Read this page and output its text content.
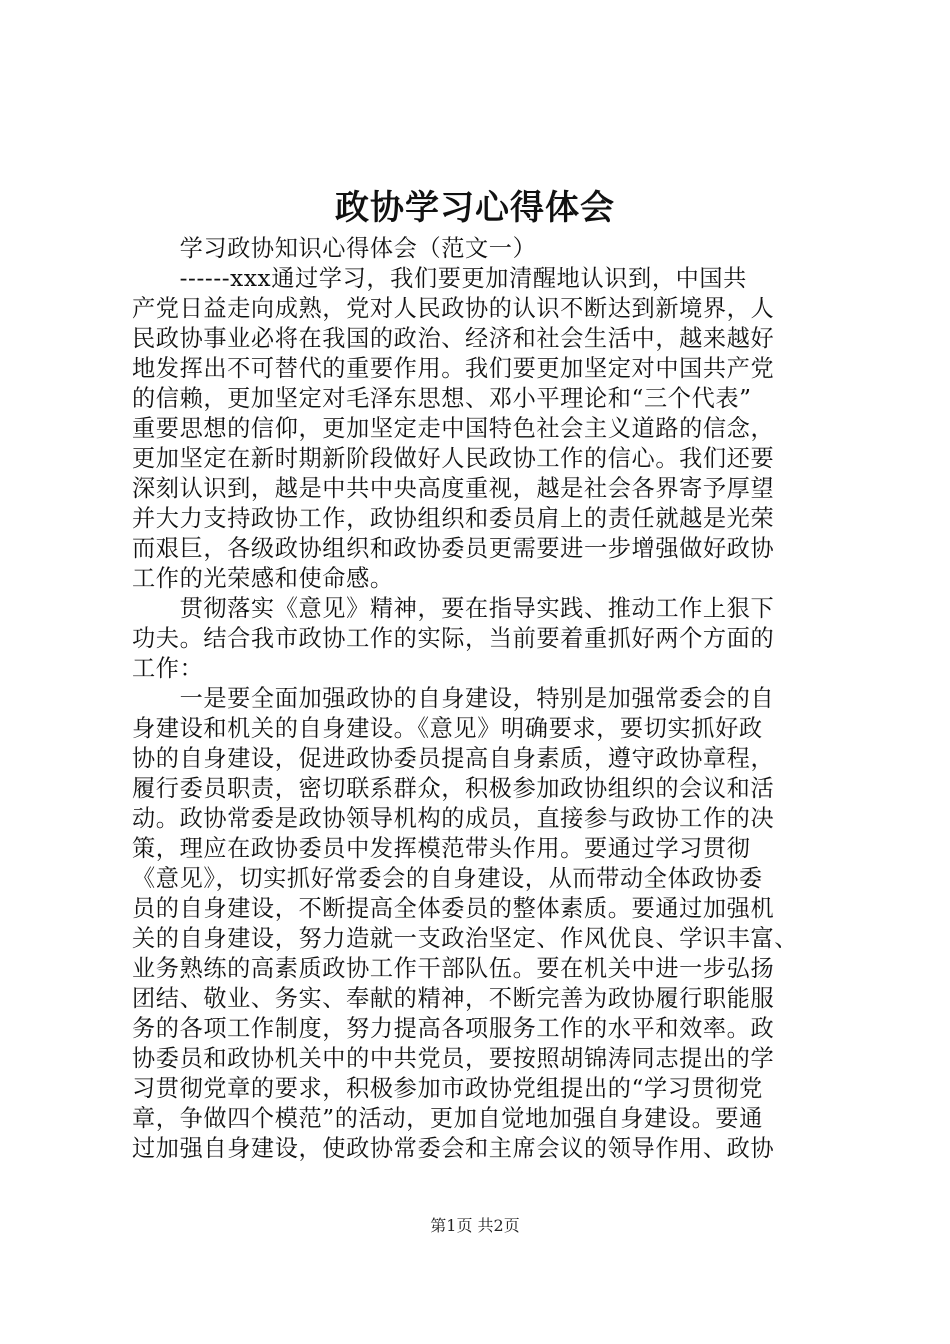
政协学习心得体会
　　学习政协知识心得体会（范文一）
　　------xxx通过学习，我们要更加清醒地认识到，中国共
产党日益走向成熟，党对人民政协的认识不断达到新境界，人
民政协事业必将在我国的政治、经济和社会生活中，越来越好
地发挥出不可替代的重要作用。我们要更加坚定对中国共产党
的信赖，更加坚定对毛泽东思想、邓小平理论和“三个代表”
重要思想的信仰，更加坚定走中国特色社会主义道路的信念，
更加坚定在新时期新阶段做好人民政协工作的信心。我们还要
深刻认识到，越是中共中央高度重视，越是社会各界寄予厚望
并大力支持政协工作，政协组织和委员肩上的责任就越是光荣
而艰巨，各级政协组织和政协委员更需要进一步增强做好政协
工作的光荣感和使命感。
　　贯彻落实《意见》精神，要在指导实践、推动工作上狠下
功夫。结合我市政协工作的实际，当前要着重抓好两个方面的
工作：
　　一是要全面加强政协的自身建设，特别是加强常委会的自
身建设和机关的自身建设。《意见》明确要求，要切实抓好政
协的自身建设，促进政协委员提高自身素质，遵守政协章程，
履行委员职责，密切联系群众，积极参加政协组织的会议和活
动。政协常委是政协领导机构的成员，直接参与政协工作的决
策，理应在政协委员中发挥模范带头作用。要通过学习贯彻
《意见》，切实抓好常委会的自身建设，从而带动全体政协委
员的自身建设，不断提高全体委员的整体素质。要通过加强机
关的自身建设，努力造就一支政治坚定、作风优良、学识丰富、
业务熟练的高素质政协工作干部队伍。要在机关中进一步弘扬
团结、敬业、务实、奉献的精神，不断完善为政协履行职能服
务的各项工作制度，努力提高各项服务工作的水平和效率。政
协委员和政协机关中的中共党员，要按照胡锦涛同志提出的学
习贯彻党章的要求，积极参加市政协党组提出的“学习贯彻党
章，争做四个模范”的活动，更加自觉地加强自身建设。要通
过加强自身建设，使政协常委会和主席会议的领导作用、政协
第1页 共2页
